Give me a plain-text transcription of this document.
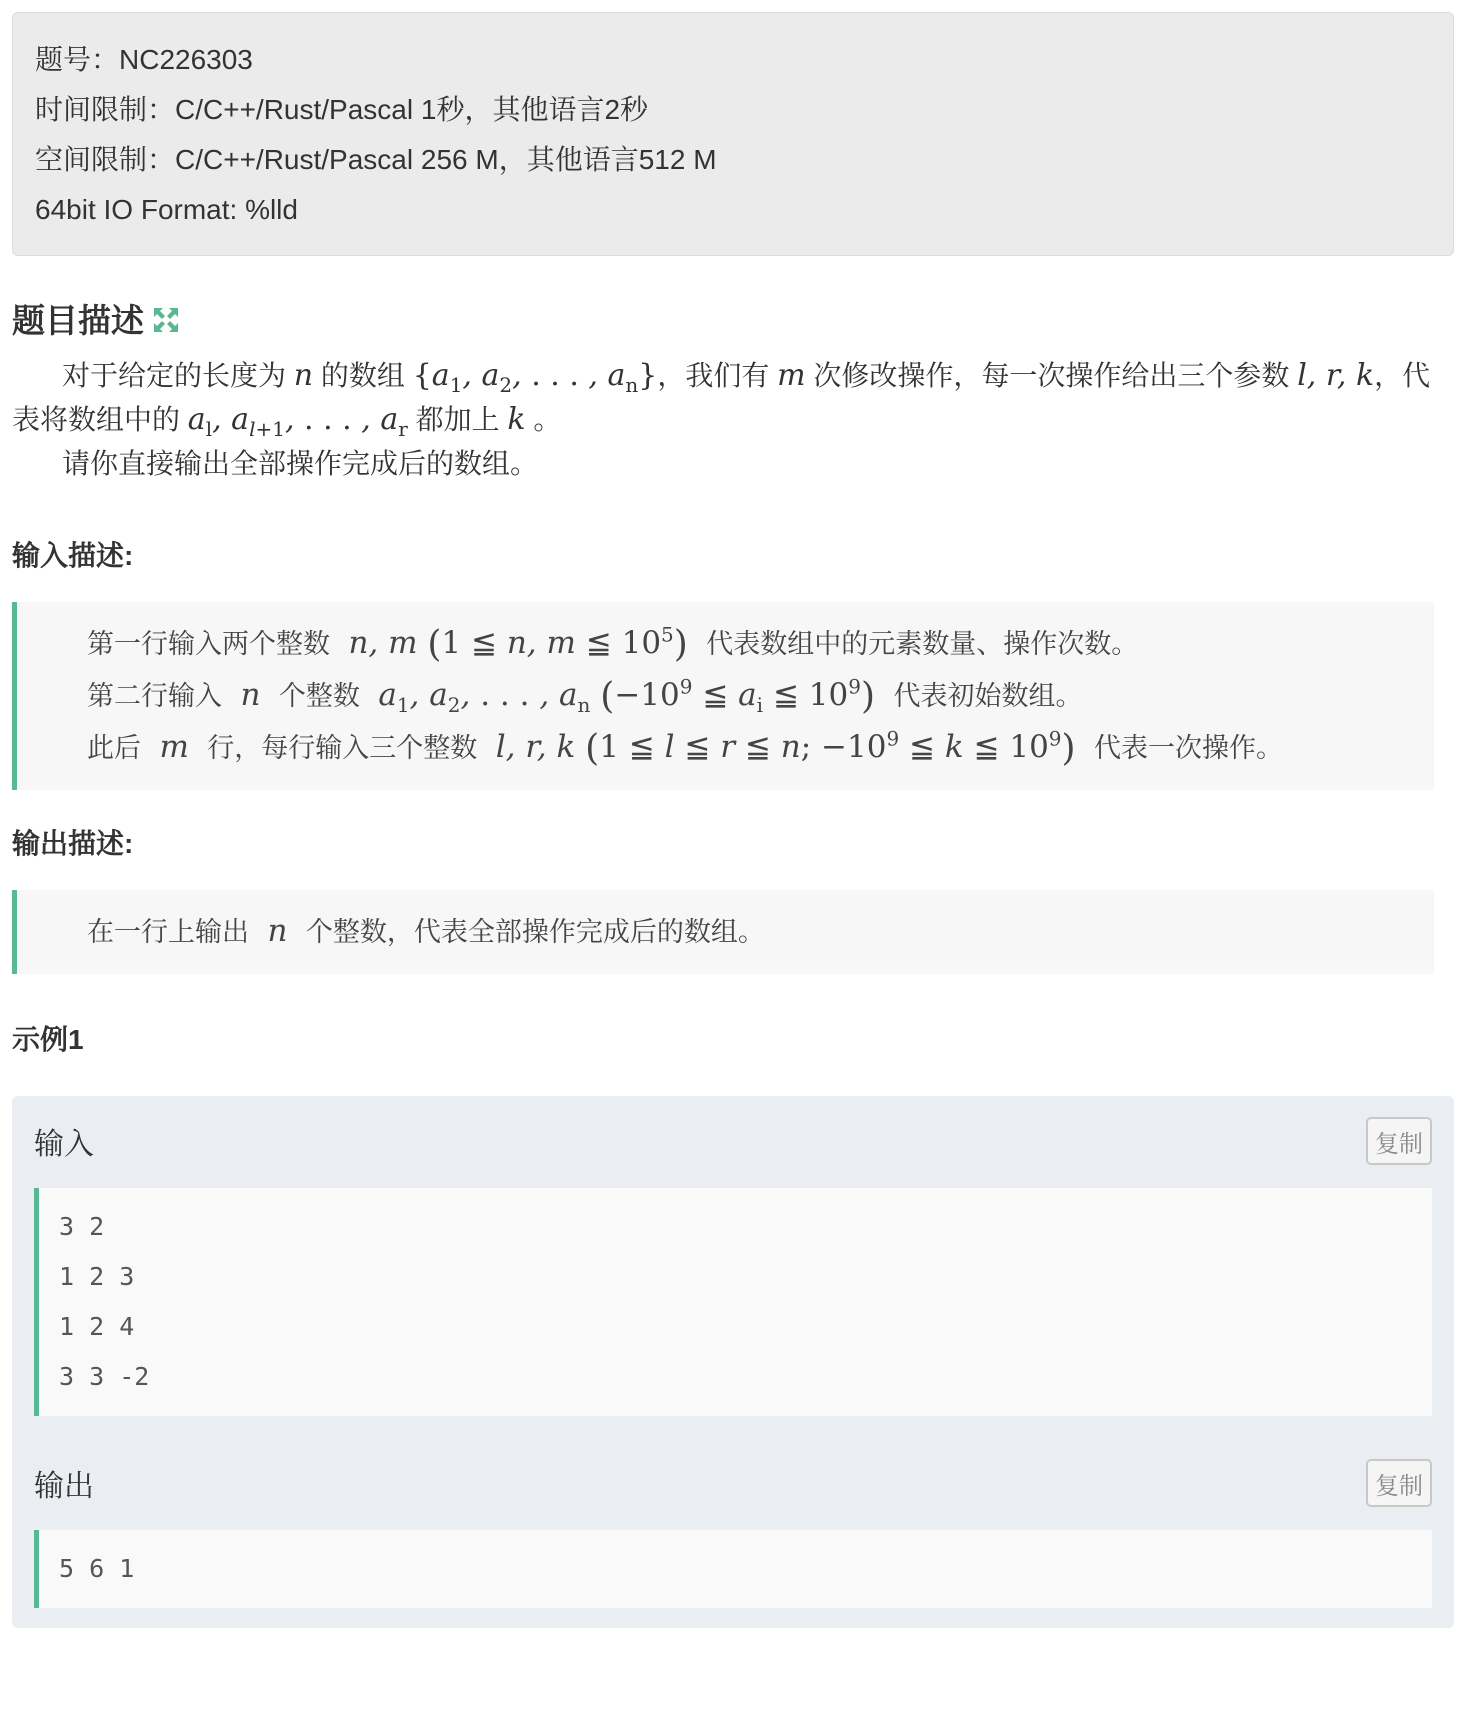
题号：NC226303
时间限制：C/C++/Rust/Pascal 1秒，其他语言2秒
空间限制：C/C++/Rust/Pascal 256 M，其他语言512 M
64bit IO Format: %lld
题目描述

对于给定的长度为 n 的数组 {$a_1$, $a_2$, . . . , $a_n$}，我们有 m 次修改操作，每一次操作给出三个参数 l, r, k，代表将数组中的 $a_l$, $a_{l+1}$, . . . , $a_r$ 都加上 k 。

请你直接输出全部操作完成后的数组。

输入描述:

第一行输入两个整数  n, m (1 ≦ n, m ≦ $10^5$) 代表数组中的元素数量、操作次数。

第二行输入  n  个整数  $a_1$, $a_2$, . . . , $a_n$ ($-10^9$ ≦ $a_i$ ≦ $10^9$) 代表初始数组。

此后  m  行，每行输入三个整数  l, r, k (1 ≦ l ≦ r ≦ n; $-10^9$ ≦ k ≦ $10^9$) 代表一次操作。

输出描述:

在一行上输出  n  个整数，代表全部操作完成后的数组。

示例1
输入	复制
3 2
1 2 3
1 2 4
3 3 -2
输出	复制
5 6 1
